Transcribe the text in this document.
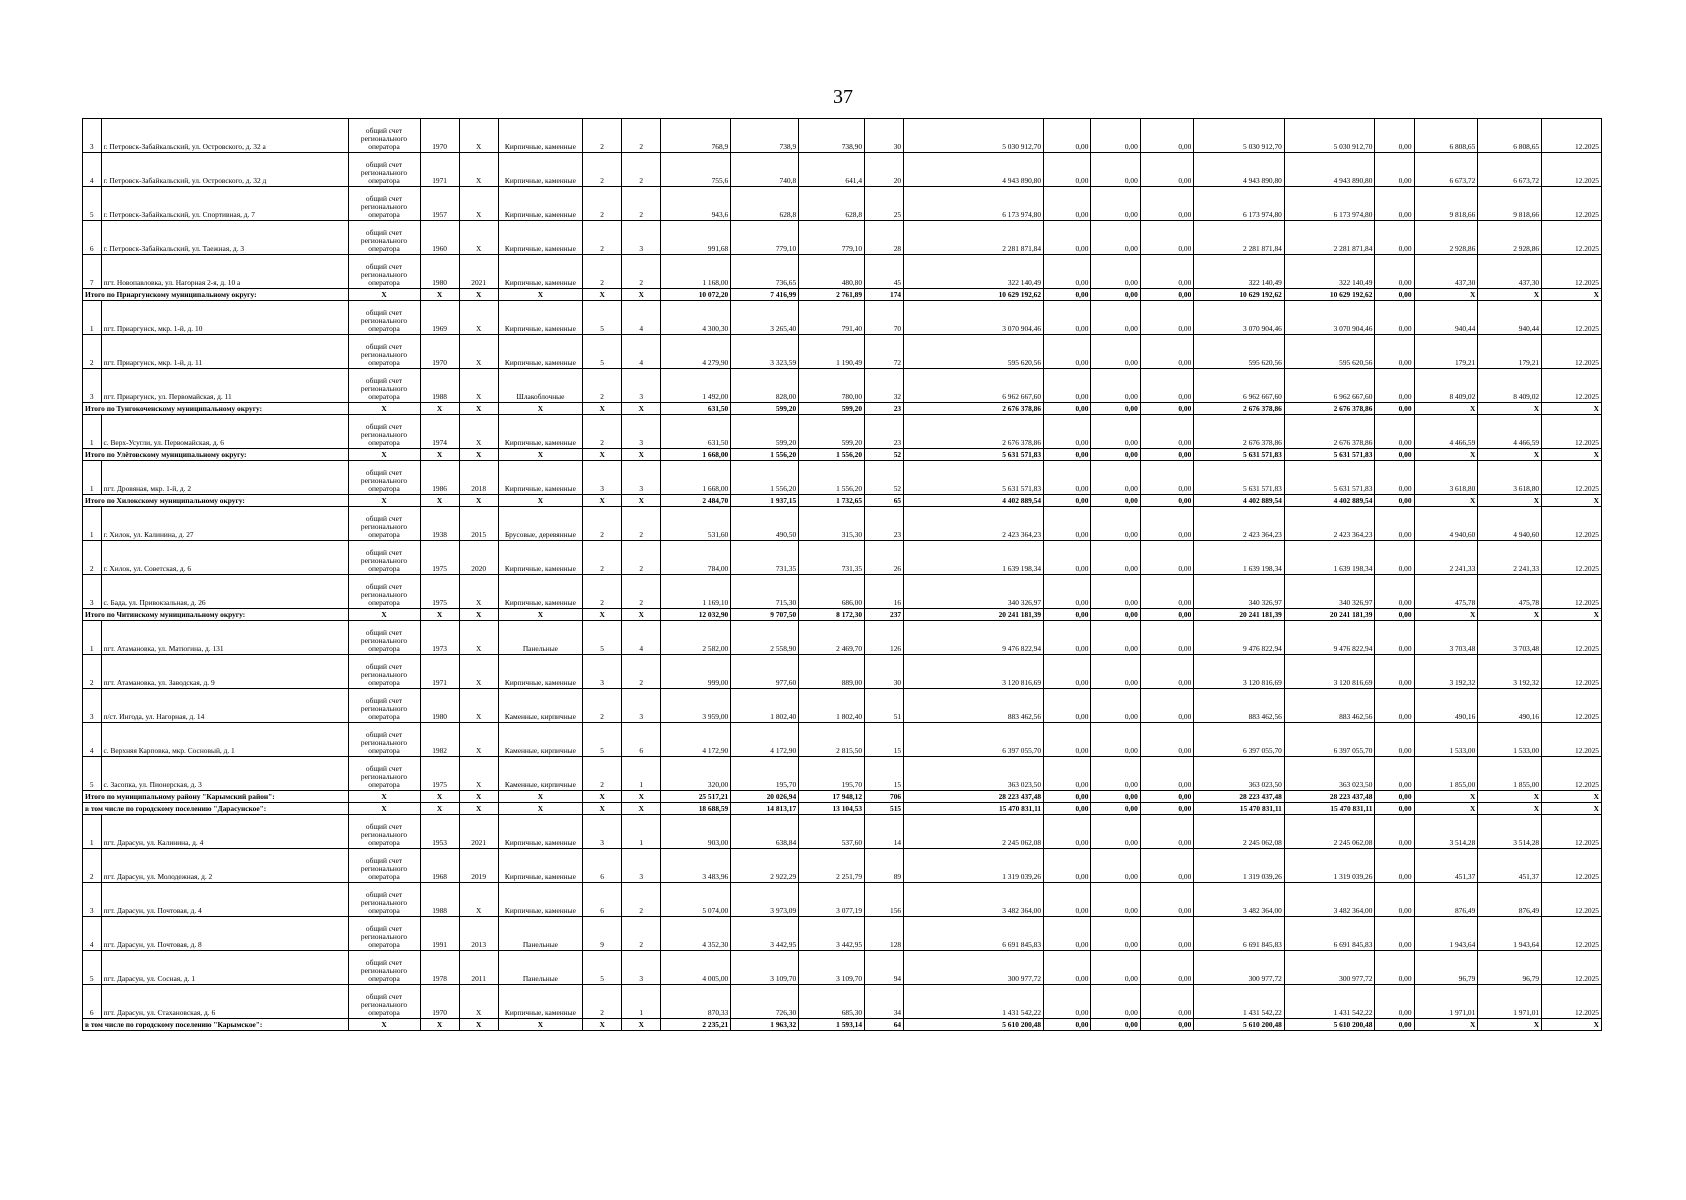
37
3	г. Петровск-Забайкальский, ул. Островского, д. 32 а	общий счет регионального оператора	1970	Х	Кирпичные, каменные	2	2	768,9	738,9	738,90	30	5 030 912,70	0,00	0,00	0,00	5 030 912,70	5 030 912,70	0,00	6 808,65	6 808,65	12.2025
4	г. Петровск-Забайкальский, ул. Островского, д. 32 д	общий счет регионального оператора	1971	Х	Кирпичные, каменные	2	2	755,6	740,8	641,4	20	4 943 890,80	0,00	0,00	0,00	4 943 890,80	4 943 890,80	0,00	6 673,72	6 673,72	12.2025
5	г. Петровск-Забайкальский, ул. Спортивная, д. 7	общий счет регионального оператора	1957	Х	Кирпичные, каменные	2	2	943,6	628,8	628,8	25	6 173 974,80	0,00	0,00	0,00	6 173 974,80	6 173 974,80	0,00	9 818,66	9 818,66	12.2025
6	г. Петровск-Забайкальский, ул. Таежная, д. 3	общий счет регионального оператора	1960	Х	Кирпичные, каменные	2	3	991,68	779,10	779,10	28	2 281 871,84	0,00	0,00	0,00	2 281 871,84	2 281 871,84	0,00	2 928,86	2 928,86	12.2025
7	пгт. Новопавловка, ул. Нагорная 2-я, д. 10 а	общий счет регионального оператора	1980	2021	Кирпичные, каменные	2	2	1 168,00	736,65	480,80	45	322 140,49	0,00	0,00	0,00	322 140,49	322 140,49	0,00	437,30	437,30	12.2025
Итого по Приаргунскому муниципальному округу:		Х	Х	Х	Х	Х	Х	10 072,20	7 416,99	2 761,89	174	10 629 192,62	0,00	0,00	0,00	10 629 192,62	10 629 192,62	0,00	Х	Х	Х
1	пгт. Приаргунск, мкр. 1-й, д. 10	общий счет регионального оператора	1969	Х	Кирпичные, каменные	5	4	4 300,30	3 265,40	791,40	70	3 070 904,46	0,00	0,00	0,00	3 070 904,46	3 070 904,46	0,00	940,44	940,44	12.2025
2	пгт. Приаргунск, мкр. 1-й, д. 11	общий счет регионального оператора	1970	Х	Кирпичные, каменные	5	4	4 279,90	3 323,59	1 190,49	72	595 620,56	0,00	0,00	0,00	595 620,56	595 620,56	0,00	179,21	179,21	12.2025
3	пгт. Приаргунск, ул. Первомайская, д. 11	общий счет регионального оператора	1988	Х	Шлакоблочные	2	3	1 492,00	828,00	780,00	32	6 962 667,60	0,00	0,00	0,00	6 962 667,60	6 962 667,60	0,00	8 409,02	8 409,02	12.2025
Итого по Тунгокоченскому муниципальному округу:		Х	Х	Х	Х	Х	Х	631,50	599,20	599,20	23	2 676 378,86	0,00	0,00	0,00	2 676 378,86	2 676 378,86	0,00	Х	Х	Х
1	с. Верх-Усугли, ул. Первомайская, д. 6	общий счет регионального оператора	1974	Х	Кирпичные, каменные	2	3	631,50	599,20	599,20	23	2 676 378,86	0,00	0,00	0,00	2 676 378,86	2 676 378,86	0,00	4 466,59	4 466,59	12.2025
Итого по Улётовскому муниципальному округу:		Х	Х	Х	Х	Х	Х	1 668,00	1 556,20	1 556,20	52	5 631 571,83	0,00	0,00	0,00	5 631 571,83	5 631 571,83	0,00	Х	Х	Х
1	пгт. Дровяная, мкр. 1-й, д. 2	общий счет регионального оператора	1986	2018	Кирпичные, каменные	3	3	1 668,00	1 556,20	1 556,20	52	5 631 571,83	0,00	0,00	0,00	5 631 571,83	5 631 571,83	0,00	3 618,80	3 618,80	12.2025
Итого по Хилокскому муниципальному округу:		Х	Х	Х	Х	Х	Х	2 484,70	1 937,15	1 732,65	65	4 402 889,54	0,00	0,00	0,00	4 402 889,54	4 402 889,54	0,00	Х	Х	Х
1	г. Хилок, ул. Калинина, д. 27	общий счет регионального оператора	1938	2015	Брусовые, деревянные	2	2	531,60	490,50	315,30	23	2 423 364,23	0,00	0,00	0,00	2 423 364,23	2 423 364,23	0,00	4 940,60	4 940,60	12.2025
2	г. Хилок, ул. Советская, д. 6	общий счет регионального оператора	1975	2020	Кирпичные, каменные	2	2	784,00	731,35	731,35	26	1 639 198,34	0,00	0,00	0,00	1 639 198,34	1 639 198,34	0,00	2 241,33	2 241,33	12.2025
3	с. Бада, ул. Привокзальная, д. 26	общий счет регионального оператора	1975	Х	Кирпичные, каменные	2	2	1 169,10	715,30	686,00	16	340 326,97	0,00	0,00	0,00	340 326,97	340 326,97	0,00	475,78	475,78	12.2025
Итого по Читинскому муниципальному округу:		Х	Х	Х	Х	Х	Х	12 032,90	9 707,50	8 172,30	237	20 241 181,39	0,00	0,00	0,00	20 241 181,39	20 241 181,39	0,00	Х	Х	Х
1	пгт. Атамановка, ул. Матюгина, д. 131	общий счет регионального оператора	1973	Х	Панельные	5	4	2 582,00	2 558,90	2 469,70	126	9 476 822,94	0,00	0,00	0,00	9 476 822,94	9 476 822,94	0,00	3 703,48	3 703,48	12.2025
2	пгт. Атамановка, ул. Заводская, д. 9	общий счет регионального оператора	1971	Х	Кирпичные, каменные	3	2	999,00	977,60	889,00	30	3 120 816,69	0,00	0,00	0,00	3 120 816,69	3 120 816,69	0,00	3 192,32	3 192,32	12.2025
3	п/ст. Ингода, ул. Нагорная, д. 14	общий счет регионального оператора	1980	Х	Каменные, кирпичные	2	3	3 959,00	1 802,40	1 802,40	51	883 462,56	0,00	0,00	0,00	883 462,56	883 462,56	0,00	490,16	490,16	12.2025
4	с. Верхняя Карповка, мкр. Сосновый, д. 1	общий счет регионального оператора	1982	Х	Каменные, кирпичные	5	6	4 172,90	4 172,90	2 815,50	15	6 397 055,70	0,00	0,00	0,00	6 397 055,70	6 397 055,70	0,00	1 533,00	1 533,00	12.2025
5	с. Засопка, ул. Пионерская, д. 3	общий счет регионального оператора	1975	Х	Каменные, кирпичные	2	1	320,00	195,70	195,70	15	363 023,50	0,00	0,00	0,00	363 023,50	363 023,50	0,00	1 855,00	1 855,00	12.2025
Итого по муниципальному району "Карымский район":		Х	Х	Х	Х	Х	Х	25 517,21	20 026,94	17 948,12	706	28 223 437,48	0,00	0,00	0,00	28 223 437,48	28 223 437,48	0,00	Х	Х	Х
в том числе по городскому поселению "Дарасунское":		Х	Х	Х	Х	Х	Х	18 688,59	14 813,17	13 104,53	515	15 470 831,11	0,00	0,00	0,00	15 470 831,11	15 470 831,11	0,00	Х	Х	Х
1	пгт. Дарасун, ул. Калинина, д. 4	общий счет регионального оператора	1953	2021	Кирпичные, каменные	3	1	903,00	638,84	537,60	14	2 245 062,08	0,00	0,00	0,00	2 245 062,08	2 245 062,08	0,00	3 514,28	3 514,28	12.2025
2	пгт. Дарасун, ул. Молодежная, д. 2	общий счет регионального оператора	1968	2019	Кирпичные, каменные	6	3	3 483,96	2 922,29	2 251,79	89	1 319 039,26	0,00	0,00	0,00	1 319 039,26	1 319 039,26	0,00	451,37	451,37	12.2025
3	пгт. Дарасун, ул. Почтовая, д. 4	общий счет регионального оператора	1988	Х	Кирпичные, каменные	6	2	5 074,00	3 973,09	3 077,19	156	3 482 364,00	0,00	0,00	0,00	3 482 364,00	3 482 364,00	0,00	876,49	876,49	12.2025
4	пгт. Дарасун, ул. Почтовая, д. 8	общий счет регионального оператора	1991	2013	Панельные	9	2	4 352,30	3 442,95	3 442,95	128	6 691 845,83	0,00	0,00	0,00	6 691 845,83	6 691 845,83	0,00	1 943,64	1 943,64	12.2025
5	пгт. Дарасун, ул. Сосная, д. 1	общий счет регионального оператора	1978	2011	Панельные	5	3	4 005,00	3 109,70	3 109,70	94	300 977,72	0,00	0,00	0,00	300 977,72	300 977,72	0,00	96,79	96,79	12.2025
6	пгт. Дарасун, ул. Стахановская, д. 6	общий счет регионального оператора	1970	Х	Кирпичные, каменные	2	1	870,33	726,30	685,30	34	1 431 542,22	0,00	0,00	0,00	1 431 542,22	1 431 542,22	0,00	1 971,01	1 971,01	12.2025
в том числе по городскому поселению "Карымское":		Х	Х	Х	Х	Х	Х	2 235,21	1 963,32	1 593,14	64	5 610 200,48	0,00	0,00	0,00	5 610 200,48	5 610 200,48	0,00	Х	Х	Х
